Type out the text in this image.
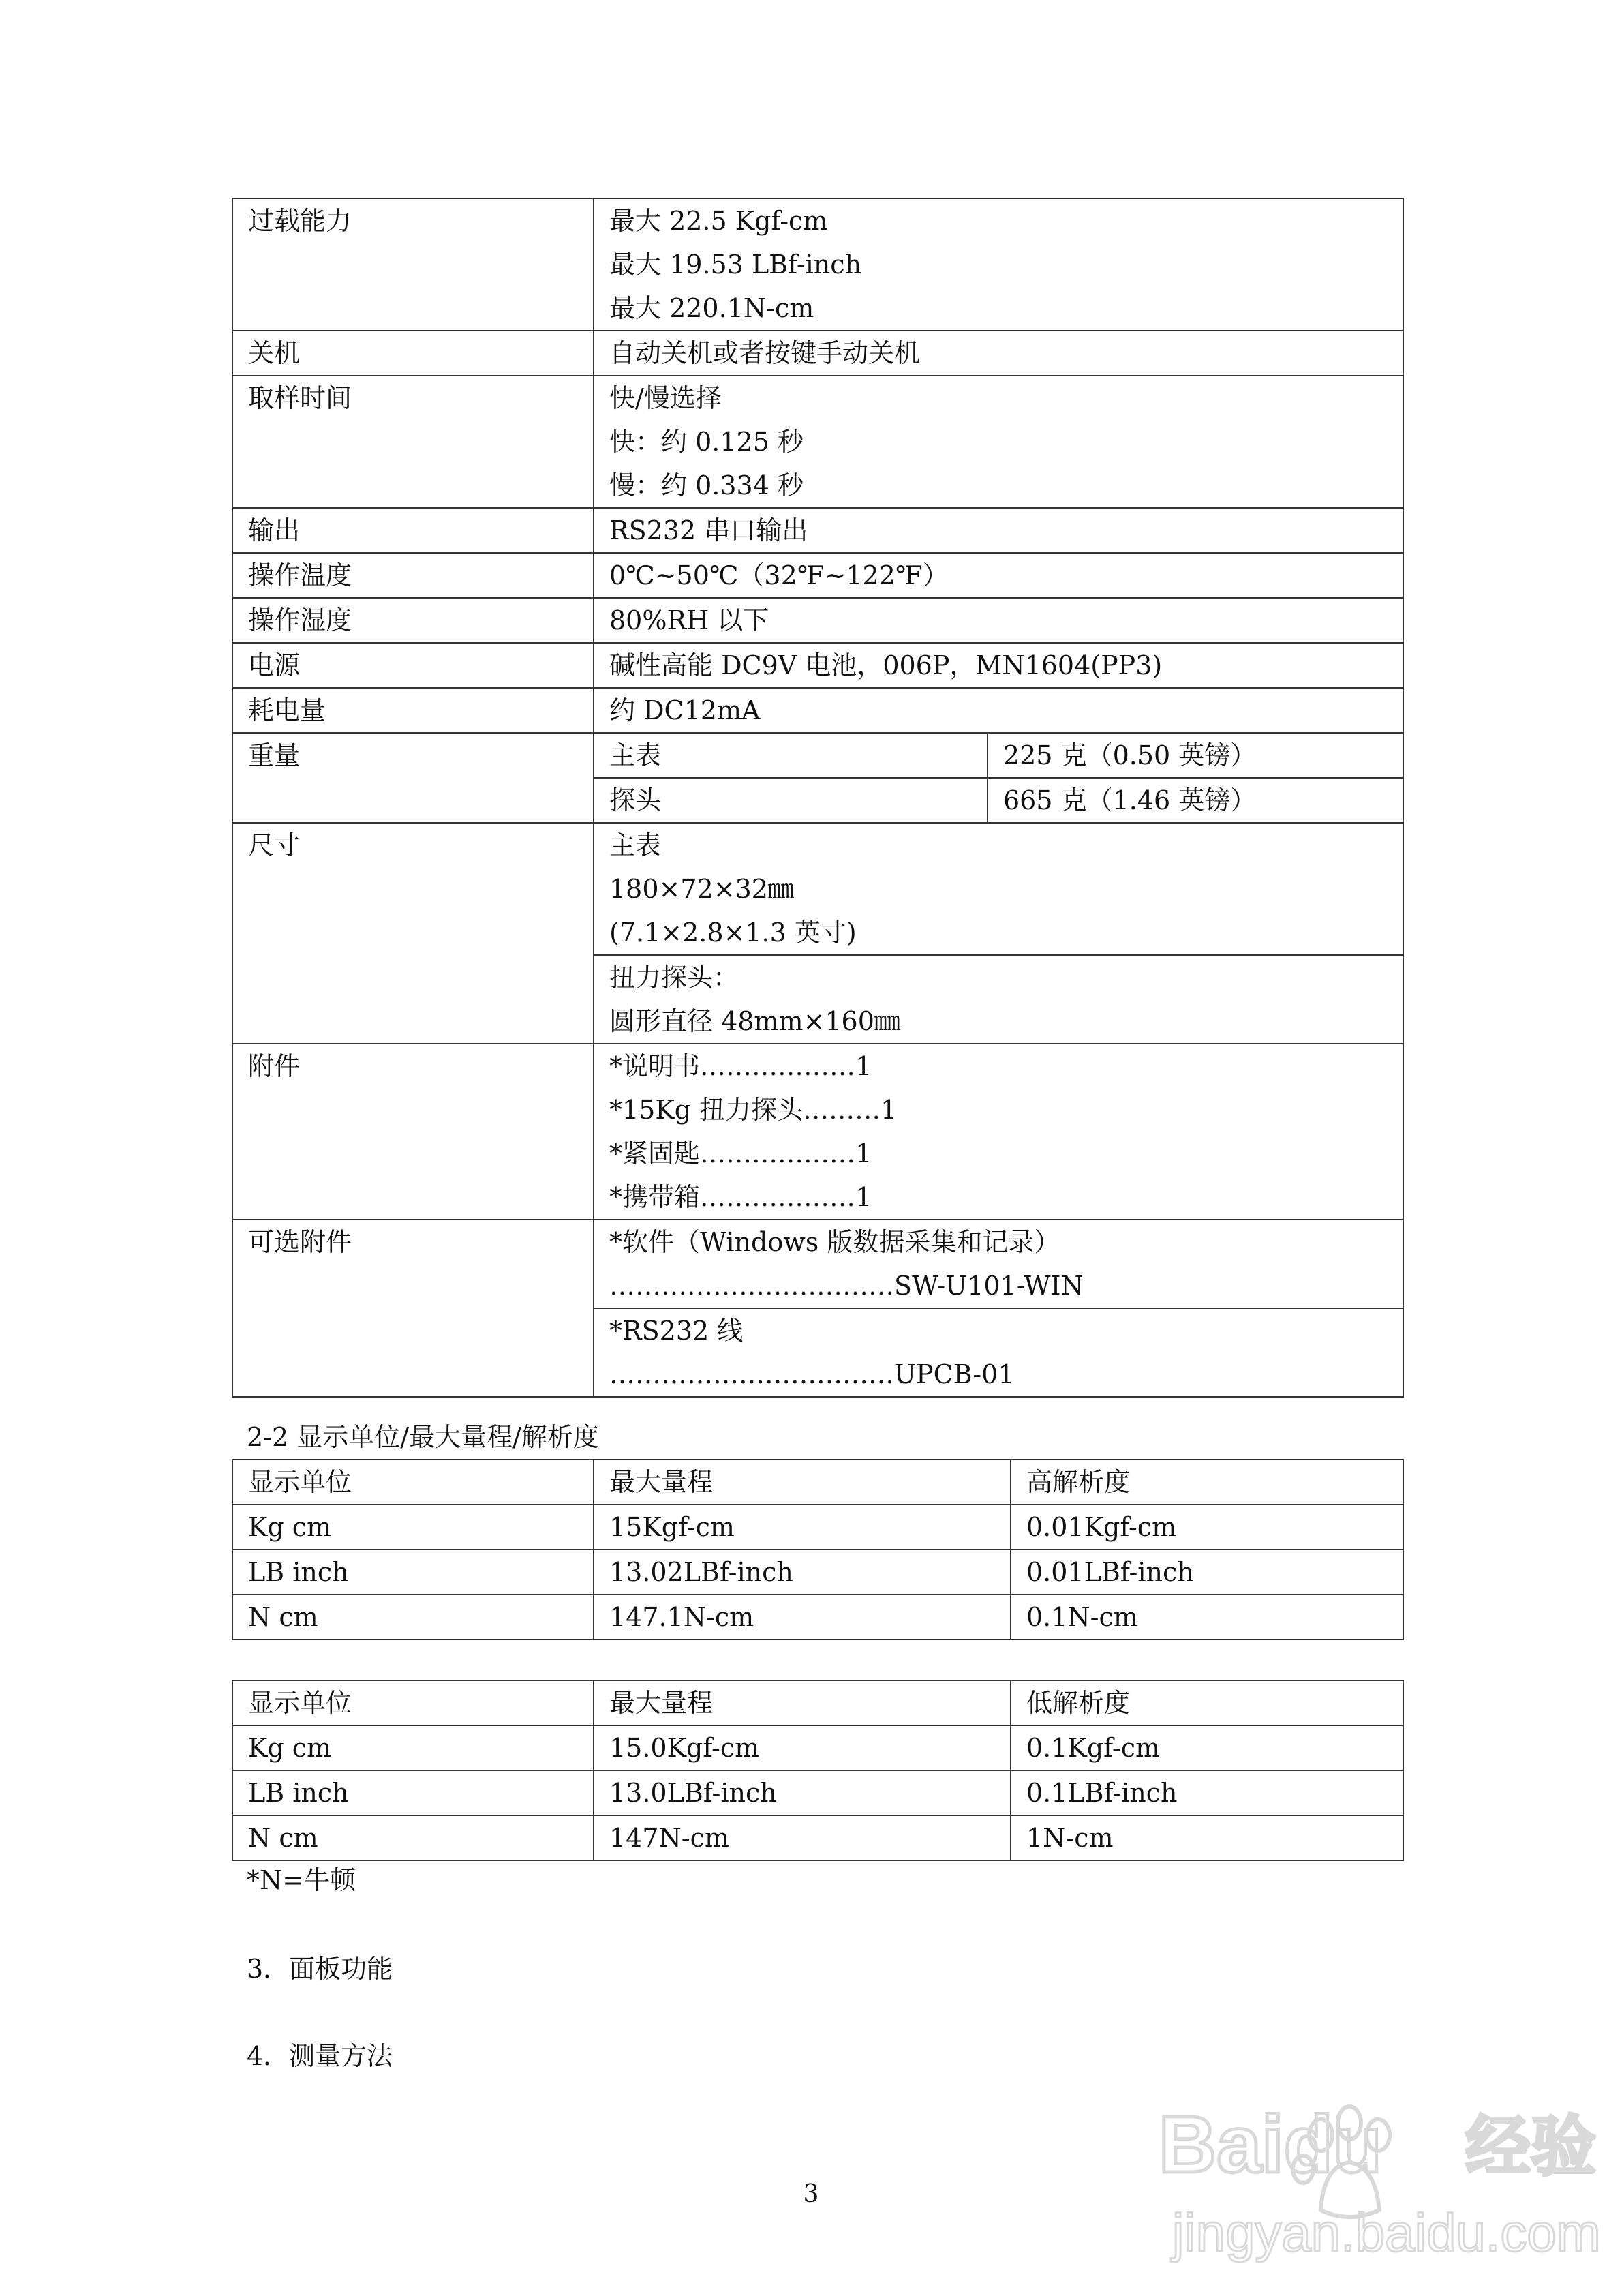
过载能力	最大 22.5 Kgf-cm
最大 19.53 LBf-inch
最大 220.1N-cm	

关机	自动关机或者按键手动关机	
取样时间	快/慢选择
快：约 0.125 秒
慢：约 0.334 秒	

输出	RS232 串口输出	
操作温度	0℃~50℃（32℉~122℉）	
操作湿度	80%RH 以下	
电源	碱性高能 DC9V 电池，006P，MN1604(PP3)	
耗电量	约 DC12mA	
重量	主表	225 克（0.50 英镑）
	探头	665 克（1.46 英镑）
尺寸	主表
180×72×32㎜
(7.1×2.8×1.3 英寸)	

	扭力探头：
圆形直径 48mm×160㎜	

附件	*说明书………………1
*15Kg 扭力探头………1
*紧固匙………………1
*携带箱………………1	

可选附件	*软件（Windows 版数据采集和记录）
……………………………SW-U101-WIN	

	*RS232 线
……………………………UPCB-01	
2-2 显示单位/最大量程/解析度
显示单位	最大量程	高解析度
Kg cm	15Kgf-cm	0.01Kgf-cm
LB inch	13.02LBf-inch	0.01LBf-inch
N cm	147.1N-cm	0.1N-cm
显示单位	最大量程	低解析度
Kg cm	15.0Kgf-cm	0.1Kgf-cm
LB inch	13.0LBf-inch	0.1LBf-inch
N cm	147N-cm	1N-cm
*N=牛顿
3．面板功能
4．测量方法
3
Baidu 经验
jingyan.baidu.com
